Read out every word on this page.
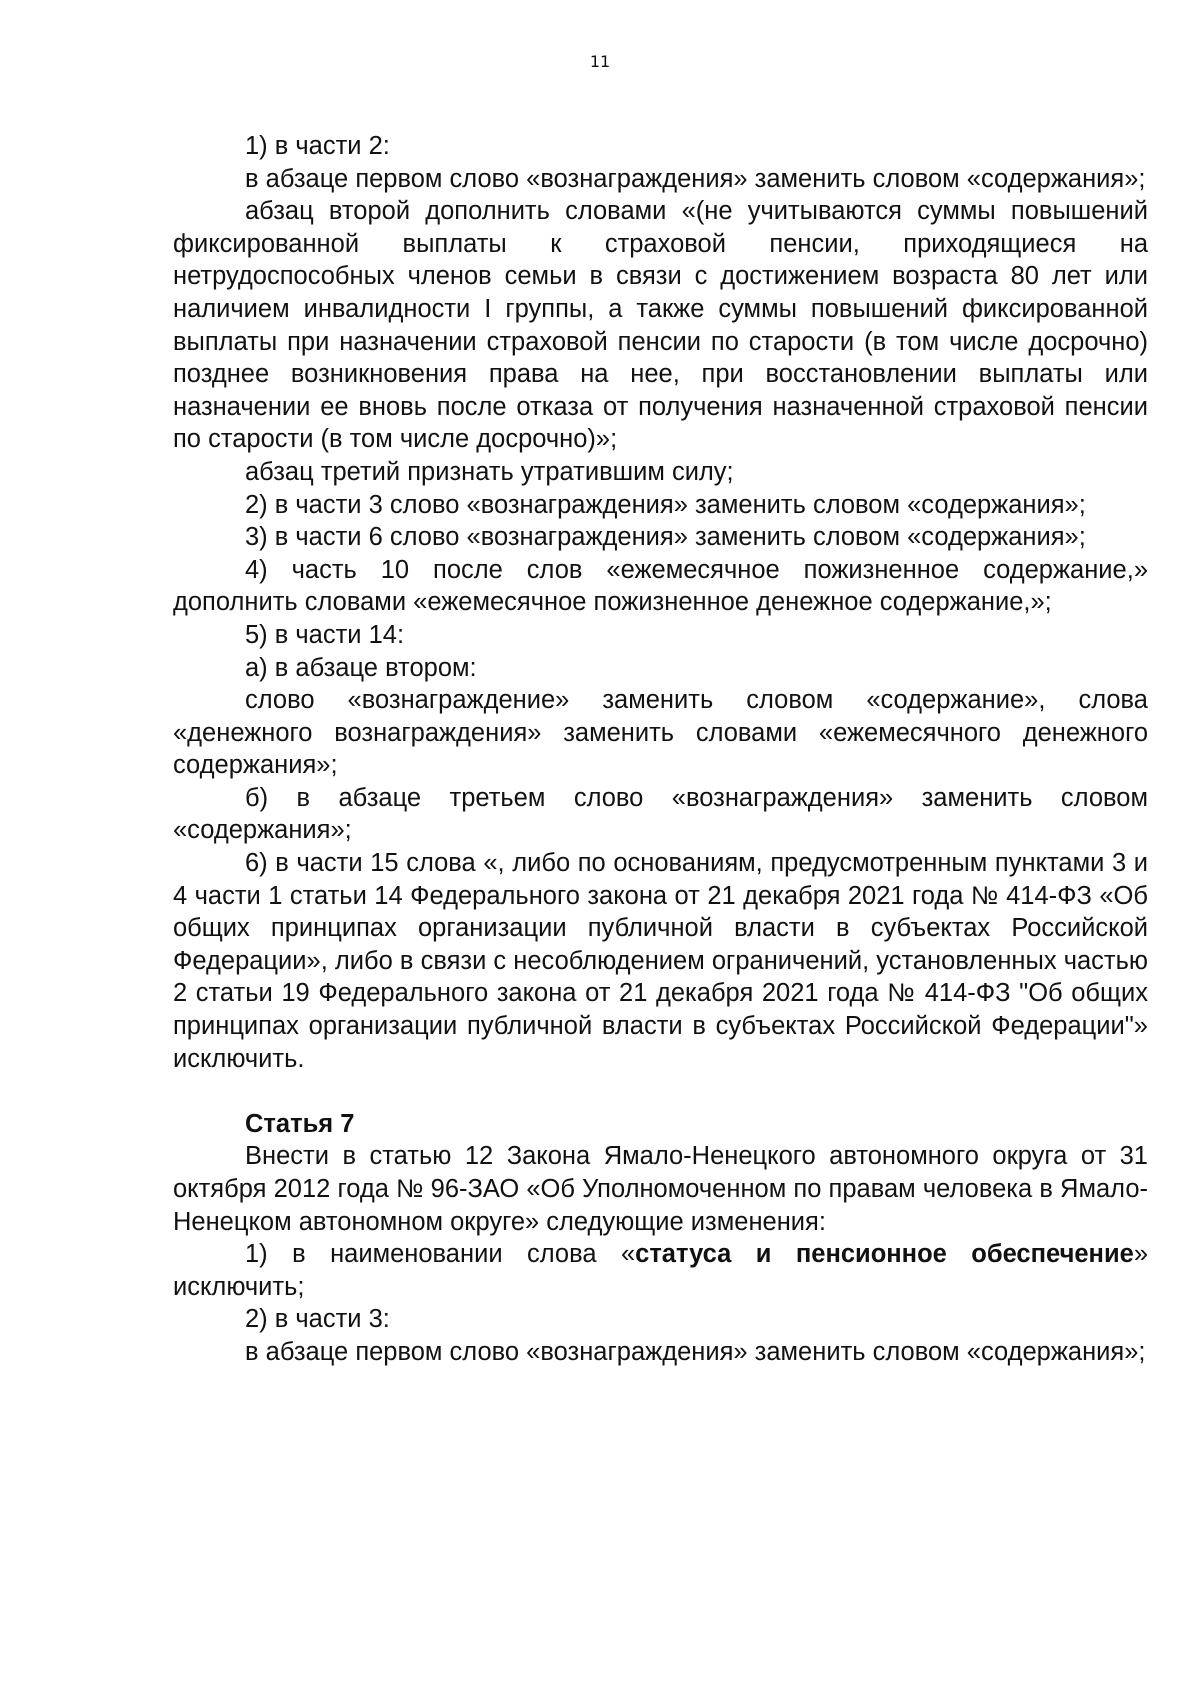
11

1) в части 2:

в абзаце первом слово «вознаграждения» заменить словом «содержания»;

абзац второй дополнить словами «(не учитываются суммы повышений фиксированной выплаты к страховой пенсии, приходящиеся на нетрудоспособных членов семьи в связи с достижением возраста 80 лет или наличием инвалидности I группы, а также суммы повышений фиксированной выплаты при назначении страховой пенсии по старости (в том числе досрочно) позднее возникновения права на нее, при восстановлении выплаты или назначении ее вновь после отказа от получения назначенной страховой пенсии по старости (в том числе досрочно)»;

абзац третий признать утратившим силу;

2) в части 3 слово «вознаграждения» заменить словом «содержания»;

3) в части 6 слово «вознаграждения» заменить словом «содержания»;

4) часть 10 после слов «ежемесячное пожизненное содержание,» дополнить словами «ежемесячное пожизненное денежное содержание,»;

5) в части 14:

а) в абзаце втором:

слово «вознаграждение» заменить словом «содержание», слова «денежного вознаграждения» заменить словами «ежемесячного денежного содержания»;

б) в абзаце третьем слово «вознаграждения» заменить словом «содержания»;

6) в части 15 слова «, либо по основаниям, предусмотренным пунктами 3 и 4 части 1 статьи 14 Федерального закона от 21 декабря 2021 года № 414-ФЗ «Об общих принципах организации публичной власти в субъектах Российской Федерации», либо в связи с несоблюдением ограничений, установленных частью 2 статьи 19 Федерального закона от 21 декабря 2021 года № 414-ФЗ "Об общих принципах организации публичной власти в субъектах Российской Федерации"» исключить.

Статья 7

Внести в статью 12 Закона Ямало-Ненецкого автономного округа от 31 октября 2012 года № 96-ЗАО «Об Уполномоченном по правам человека в Ямало-Ненецком автономном округе» следующие изменения:

1) в наименовании слова «статуса и пенсионное обеспечение» исключить;

2) в части 3:

в абзаце первом слово «вознаграждения» заменить словом «содержания»;
